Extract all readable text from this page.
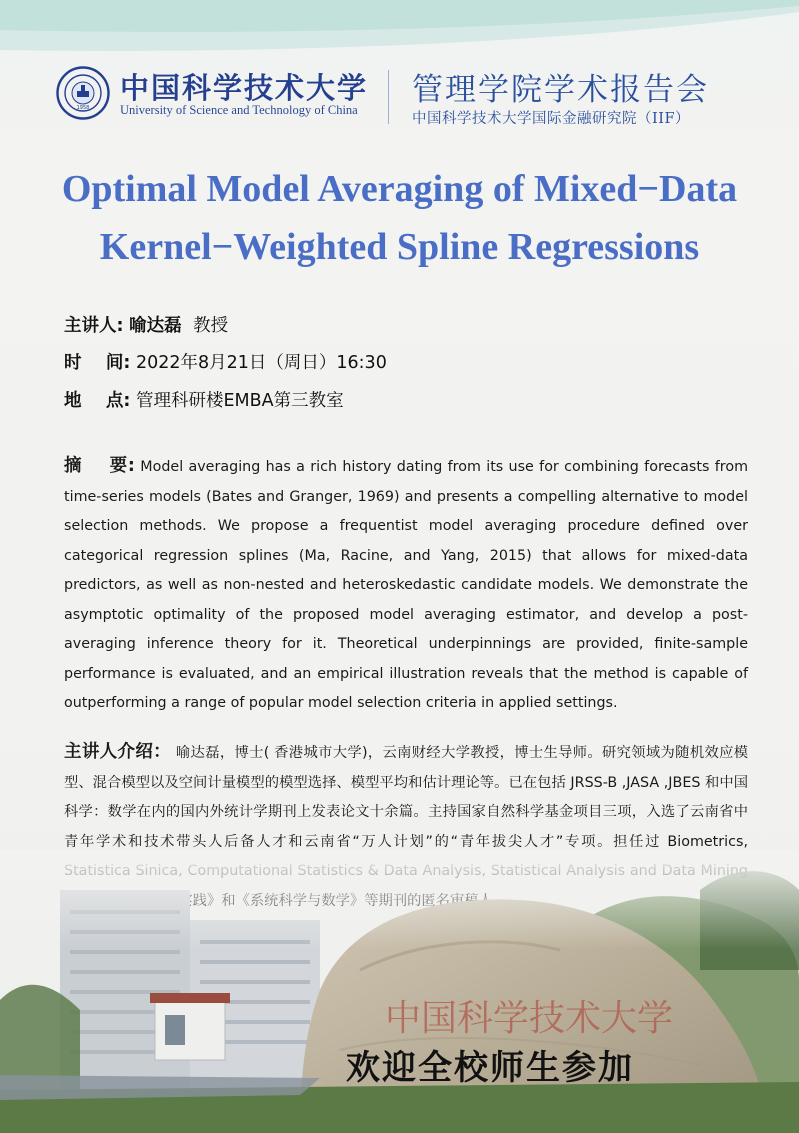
1958
中国科学技术大学
University of Science and Technology of China
管理学院学术报告会
中国科学技术大学国际金融研究院（IIF）
Optimal Model Averaging of Mixed−Data
Kernel−Weighted Spline Regressions
主讲人: 喻达磊 教授
时    间: 2022年8月21日（周日）16:30
地    点: 管理科研楼EMBA第三教室
摘    要: Model averaging has a rich history dating from its use for combining forecasts from time-series models (Bates and Granger, 1969) and presents a compelling alternative to model selection methods. We propose a frequentist model averaging procedure defined over categorical regression splines (Ma, Racine, and Yang, 2015) that allows for mixed-data predictors, as well as non-nested and heteroskedastic candidate models. We demonstrate the asymptotic optimality of the proposed model averaging estimator, and develop a post-averaging inference theory for it. Theoretical underpinnings are provided, finite-sample performance is evaluated, and an empirical illustration reveals that the method is capable of outperforming a range of popular model selection criteria in applied settings.
主讲人介绍： 喻达磊，博士( 香港城市大学)，云南财经大学教授，博士生导师。研究领域为随机效应模型、混合模型以及空间计量模型的模型选择、模型平均和估计理论等。已在包括 JRSS-B ,JASA ,JBES 和中国科学：数学在内的国内外统计学期刊上发表论文十余篇。主持国家自然科学基金项目三项，入选了云南省中青年学术和技术带头人后备人才和云南省“万人计划”的“青年拔尖人才”专项。担任过 Biometrics,
中国科学技术大学
欢迎全校师生参加
